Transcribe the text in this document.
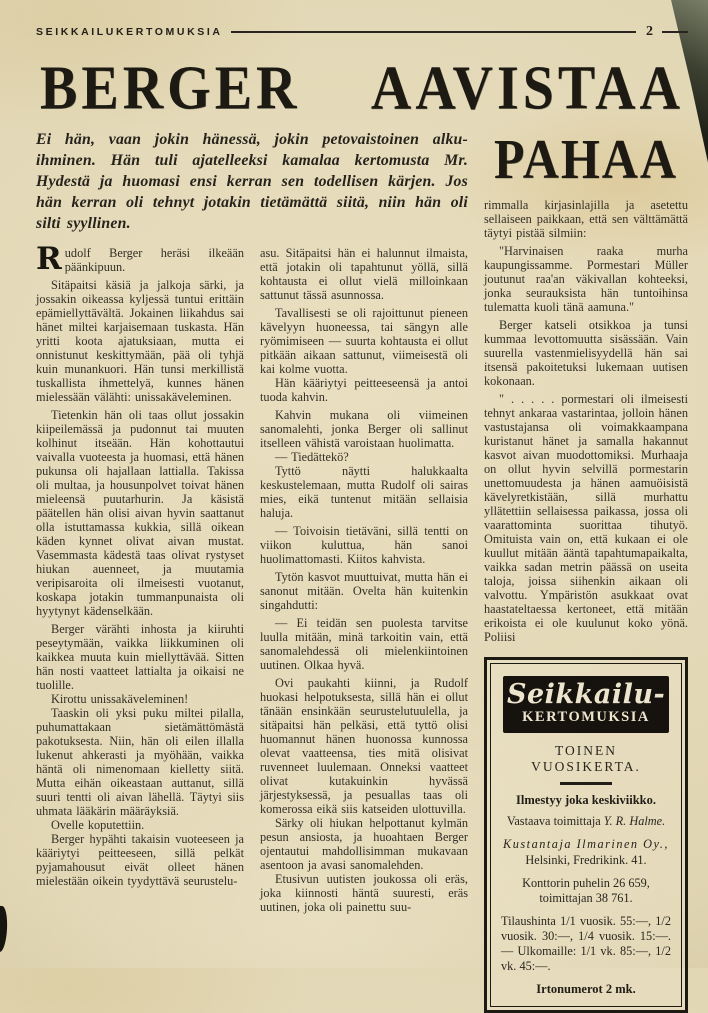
SEIKKAILUKERTOMUKSIA	2
BERGER AAVISTAA
Ei hän, vaan jokin hänessä, jokin petovaistoinen alku-ihminen. Hän tuli ajatelleeksi kamalaa kertomusta Mr. Hydestä ja huomasi ensi kerran sen todellisen kärjen. Jos hän kerran oli tehnyt jotakin tietämättä siitä, niin hän oli silti syyllinen.

Rudolf Berger heräsi ilkeään päänkipuun.

Sitäpaitsi käsiä ja jalkoja särki, ja jossakin oikeassa kyljessä tuntui erittäin epämiellyttävältä. Jokainen liikahdus sai hänet miltei karjaisemaan tuskasta. Hän yritti koota ajatuksiaan, mutta ei onnistunut keskittymään, pää oli tyhjä kuin munankuori. Hän tunsi merkillistä tuskallista ihmettelyä, kunnes hänen mielessään välähti: unissakäveleminen.

Tietenkin hän oli taas ollut jossakin kiipeilemässä ja pudonnut tai muuten kolhinut itseään. Hän kohottautui vaivalla vuoteesta ja huomasi, että hänen pukunsa oli hajallaan lattialla. Takissa oli multaa, ja housunpolvet toivat hänen mieleensä puutarhurin. Ja käsistä päätellen hän olisi aivan hyvin saattanut olla istuttamassa kukkia, sillä oikean käden kynnet olivat aivan mustat. Vasemmasta kädestä taas olivat rystyset hiukan auenneet, ja muutamia veripisaroita oli ilmeisesti vuotanut, koskapa jotakin tummanpunaista oli hyytynyt kädenselkään.

Berger värähti inhosta ja kiiruhti peseytymään, vaikka liikkuminen oli kaikkea muuta kuin miellyttävää. Sitten hän nosti vaatteet lattialta ja oikaisi ne tuolille.

Kirottu unissakäveleminen!

Taaskin oli yksi puku miltei pilalla, puhumattakaan sietämättömästä pakotuksesta. Niin, hän oli eilen illalla lukenut ahkerasti ja myöhään, vaikka häntä oli nimenomaan kielletty siitä. Mutta eihän oikeastaan auttanut, sillä suuri tentti oli aivan lähellä. Täytyi siis uhmata lääkärin määräyksiä.

Ovelle koputettiin.

Berger hypähti takaisin vuoteeseen ja kääriytyi peitteeseen, sillä pelkät pyjamahousut eivät olleet hänen mielestään oikein tyydyttävä seurustelu-

asu. Sitäpaitsi hän ei halunnut ilmaista, että jotakin oli tapahtunut yöllä, sillä kohtausta ei ollut vielä milloinkaan sattunut tässä asunnossa.

Tavallisesti se oli rajoittunut pieneen kävelyyn huoneessa, tai sängyn alle ryömimiseen — suurta kohtausta ei ollut pitkään aikaan sattunut, viimeisestä oli kai kolme vuotta.

Hän kääriytyi peitteeseensä ja antoi tuoda kahvin.

Kahvin mukana oli viimeinen sanomalehti, jonka Berger oli sallinut itselleen vähistä varoistaan huolimatta.

— Tiedättekö?

Tyttö näytti halukkaalta keskustelemaan, mutta Rudolf oli sairas mies, eikä tuntenut mitään sellaisia haluja.

— Toivoisin tietäväni, sillä tentti on viikon kuluttua, hän sanoi huolimattomasti. Kiitos kahvista.

Tytön kasvot muuttuivat, mutta hän ei sanonut mitään. Ovelta hän kuitenkin singahdutti:

— Ei teidän sen puolesta tarvitse luulla mitään, minä tarkoitin vain, että sanomalehdessä oli mielenkiintoinen uutinen. Olkaa hyvä.

Ovi paukahti kiinni, ja Rudolf huokasi helpotuksesta, sillä hän ei ollut tänään ensinkään seurustelutuulella, ja sitäpaitsi hän pelkäsi, että tyttö olisi huomannut hänen huonossa kunnossa olevat vaatteensa, ties mitä olisivat ruvenneet luulemaan. Onneksi vaatteet olivat kutakuinkin hyvässä järjestyksessä, ja pesuallas taas oli komerossa eikä siis katseiden ulottuvilla.

Särky oli hiukan helpottanut kylmän pesun ansiosta, ja huoahtaen Berger ojentautui mahdollisimman mukavaan asentoon ja avasi sanomalehden.

Etusivun uutisten joukossa oli eräs, joka kiinnosti häntä suuresti, eräs uutinen, joka oli painettu suu-

PAHAA

rimmalla kirjasinlajilla ja asetettu sellaiseen paikkaan, että sen välttämättä täytyi pistää silmiin:

"Harvinaisen raaka murha kaupungissamme. Pormestari Müller joutunut raa'an väkivallan kohteeksi, jonka seurauksista hän tuntoihinsa tulematta kuoli tänä aamuna."

Berger katseli otsikkoa ja tunsi kummaa levottomuutta sisässään. Vain suurella vastenmielisyydellä hän sai itsensä pakoitetuksi lukemaan uutisen kokonaan.

" . . . . . pormestari oli ilmeisesti tehnyt ankaraa vastarintaa, jolloin hänen vastustajansa oli voimakkaampana kuristanut hänet ja samalla hakannut kasvot aivan muodottomiksi. Murhaaja on ollut hyvin selvillä pormestarin unettomuudesta ja hänen aamuöisistä kävelyretkistään, sillä murhattu yllätettiin sellaisessa paikassa, jossa oli vaarattominta suorittaa tihutyö. Omituista vain on, että kukaan ei ole kuullut mitään ääntä tapahtumapaikalta, vaikka sadan metrin päässä on useita taloja, joissa siihenkin aikaan oli valvottu. Ympäristön asukkaat ovat haastateltaessa kertoneet, että mitään erikoista ei ole kuulunut koko yönä. Poliisi

Seikkailu-
KERTOMUKSIA
TOINEN VUOSIKERTA.
Ilmestyy joka keskiviikko.
Vastaava toimittaja Y. R. Halme.
Kustantaja Ilmarinen Oy.,
Helsinki, Fredrikink. 41.
Konttorin puhelin 26 659, toimittajan 38 761.
Tilaushinta 1/1 vuosik. 55:—, 1/2 vuosik. 30:—, 1/4 vuosik. 15:—. — Ulkomaille: 1/1 vk. 85:—, 1/2 vk. 45:—.
Irtonumerot 2 mk.
